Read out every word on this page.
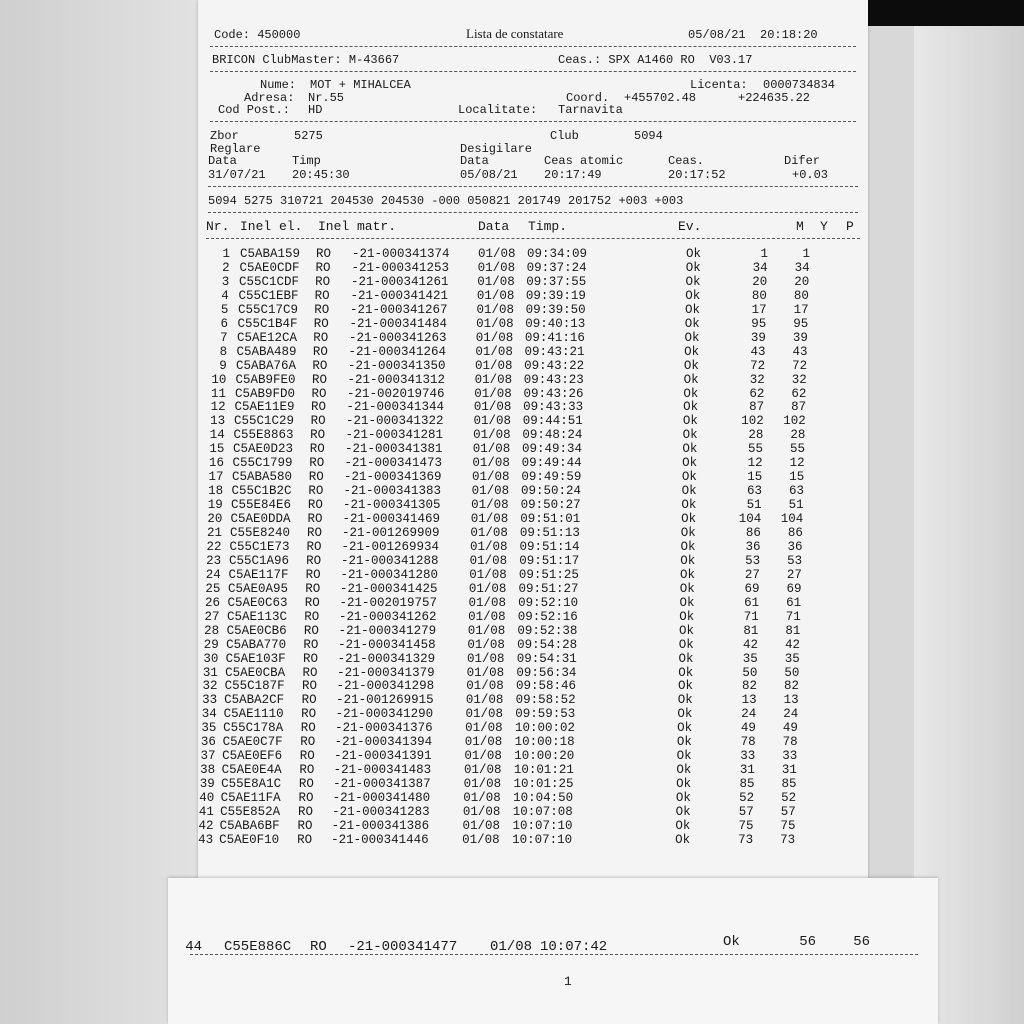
Code: 450000	Lista de constatare	05/08/21  20:18:20
BRICON ClubMaster: M-43667	Ceas.: SPX A1460 RO  V03.17
Nume: MOT + MIHALCEA	Licenta: 0000734834
Adresa: Nr.55	Coord. +455702.48	+224635.22
Cod Post.: HD	Localitate: Tarnavita
Zbor	5275	Club	5094
Reglare	Desigilare
Data	Timp	Data	Ceas atomic	Ceas.	Difer
31/07/21 20:45:30	05/08/21 20:17:49	20:17:52	+0.03
5094 5275 310721 204530 204530 -000 050821 201749 201752 +003 +003
Nr. Inel el. Inel matr.	Data Timp.	Ev.	M Y P
1 C5ABA159 RO -21-000341374 01/08 09:34:09	Ok	1	1
2 C5AE0CDF RO -21-000341253 01/08 09:37:24	Ok	34	34
3 C55C1CDF RO -21-000341261 01/08 09:37:55	Ok	20	20
4 C55C1EBF RO -21-000341421 01/08 09:39:19	Ok	80	80
5 C55C17C9 RO -21-000341267 01/08 09:39:50	Ok	17	17
6 C55C1B4F RO -21-000341484 01/08 09:40:13	Ok	95	95
7 C5AE12CA RO -21-000341263 01/08 09:41:16	Ok	39	39
8 C5ABA489 RO -21-000341264 01/08 09:43:21	Ok	43	43
9 C5ABA76A RO -21-000341350 01/08 09:43:22	Ok	72	72
10 C5AB9FE0 RO -21-000341312 01/08 09:43:23	Ok	32	32
11 C5AB9FD0 RO -21-002019746 01/08 09:43:26	Ok	62	62
12 C5AE11E9 RO -21-000341344 01/08 09:43:33	Ok	87	87
13 C55C1C29 RO -21-000341322 01/08 09:44:51	Ok	102	102
14 C55E8863 RO -21-000341281 01/08 09:48:24	Ok	28	28
15 C5AE0D23 RO -21-000341381 01/08 09:49:34	Ok	55	55
16 C55C1799 RO -21-000341473 01/08 09:49:44	Ok	12	12
17 C5ABA580 RO -21-000341369 01/08 09:49:59	Ok	15	15
18 C55C1B2C RO -21-000341383 01/08 09:50:24	Ok	63	63
19 C55E84E6 RO -21-000341305 01/08 09:50:27	Ok	51	51
20 C5AE0DDA RO -21-000341469 01/08 09:51:01	Ok	104	104
21 C55E8240 RO -21-001269909 01/08 09:51:13	Ok	86	86
22 C55C1E73 RO -21-001269934 01/08 09:51:14	Ok	36	36
23 C55C1A96 RO -21-000341288 01/08 09:51:17	Ok	53	53
24 C5AE117F RO -21-000341280 01/08 09:51:25	Ok	27	27
25 C5AE0A95 RO -21-000341425	01/08 09:51:27	Ok	69	69
26 C5AE0C63 RO -21-002019757	01/08 09:52:10	Ok	61	61
27 C5AE113C RO -21-000341262	01/08 09:52:16	Ok	71	71
28 C5AE0CB6 RO -21-000341279	01/08 09:52:38	Ok	81	81
29 C5ABA770 RO -21-000341458	01/08 09:54:28	Ok	42	42
30 C5AE103F RO -21-000341329	01/08 09:54:31	Ok	35	35
31 C5AE0CBA RO -21-000341379	01/08 09:56:34	Ok	50	50
32 C55C187F RO -21-000341298	01/08 09:58:46	Ok	82	82
33 C5ABA2CF RO -21-001269915	01/08 09:58:52	Ok	13	13
34 C5AE1110 RO -21-000341290	01/08 09:59:53	Ok	24	24
35 C55C178A RO -21-000341376	01/08 10:00:02	Ok	49	49
36 C5AE0C7F RO -21-000341394	01/08 10:00:18	Ok	78	78
37 C5AE0EF6 RO -21-000341391	01/08 10:00:20	Ok	33	33
38 C5AE0E4A RO -21-000341483	01/08 10:01:21	Ok	31	31
39 C55E8A1C RO -21-000341387	01/08 10:01:25	Ok	85	85
40 C5AE11FA RO -21-000341480	01/08 10:04:50	Ok	52	52
41 C55E852A RO -21-000341283	01/08 10:07:08	Ok	57	57
42 C5ABA6BF RO -21-000341386	01/08 10:07:10	Ok	75	75
43 C5AE0F10 RO -21-000341446	01/08 10:07:10	Ok	73	73
44 C55E886C RO -21-000341477 01/08 10:07:42	Ok	56	56
1
